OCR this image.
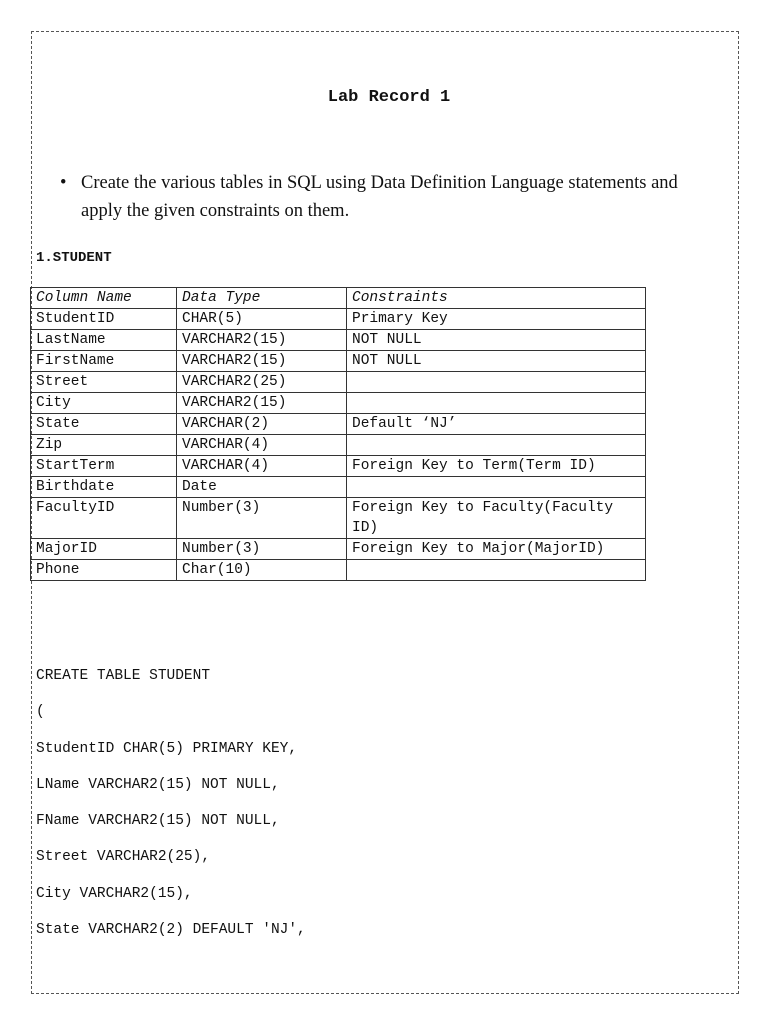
Lab Record 1
• Create the various tables in SQL using Data Definition Language statements and apply the given constraints on them.
1.STUDENT
Column Name	Data Type	Constraints
StudentID	CHAR(5)	Primary Key
LastName	VARCHAR2(15)	NOT NULL
FirstName	VARCHAR2(15)	NOT NULL
Street	VARCHAR2(25)	
City	VARCHAR2(15)	
State	VARCHAR(2)	Default ‘NJ’
Zip	VARCHAR(4)	
StartTerm	VARCHAR(4)	Foreign Key to Term(Term ID)
Birthdate	Date	
FacultyID	Number(3)	Foreign Key to Faculty(Faculty ID)
MajorID	Number(3)	Foreign Key to Major(MajorID)
Phone	Char(10)	
CREATE TABLE STUDENT
(
StudentID CHAR(5) PRIMARY KEY,
LName VARCHAR2(15) NOT NULL,
FName VARCHAR2(15) NOT NULL,
Street VARCHAR2(25),
City VARCHAR2(15),
State VARCHAR2(2) DEFAULT 'NJ',
